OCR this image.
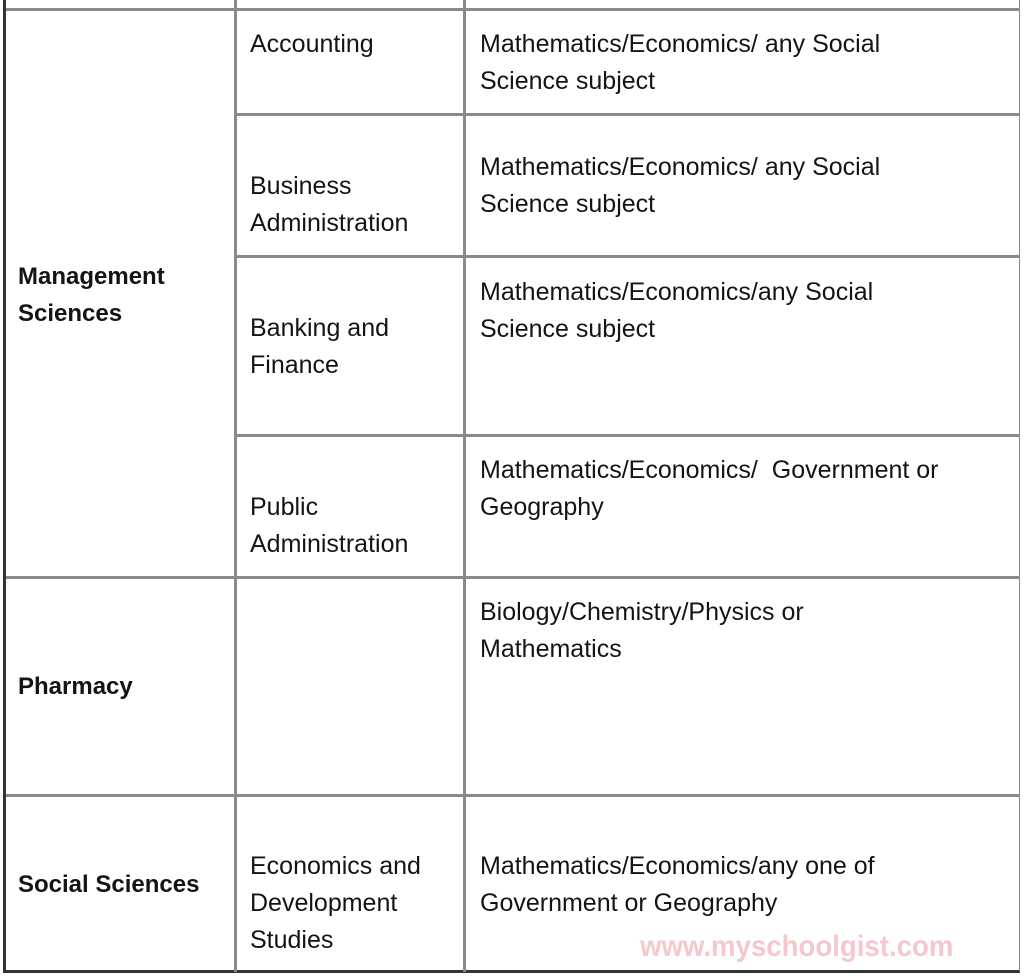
Management
Sciences
Accounting	Mathematics/Economics/ any Social
Science subject
Business
Administration
Mathematics/Economics/ any Social
Science subject
Banking and
Finance
Mathematics/Economics/any Social
Science subject
Public
Administration
Mathematics/Economics/  Government or
Geography
Pharmacy
Biology/Chemistry/Physics or
Mathematics
Social Sciences
Economics and
Development
Studies
Mathematics/Economics/any one of
Government or Geography
www.myschoolgist.com
